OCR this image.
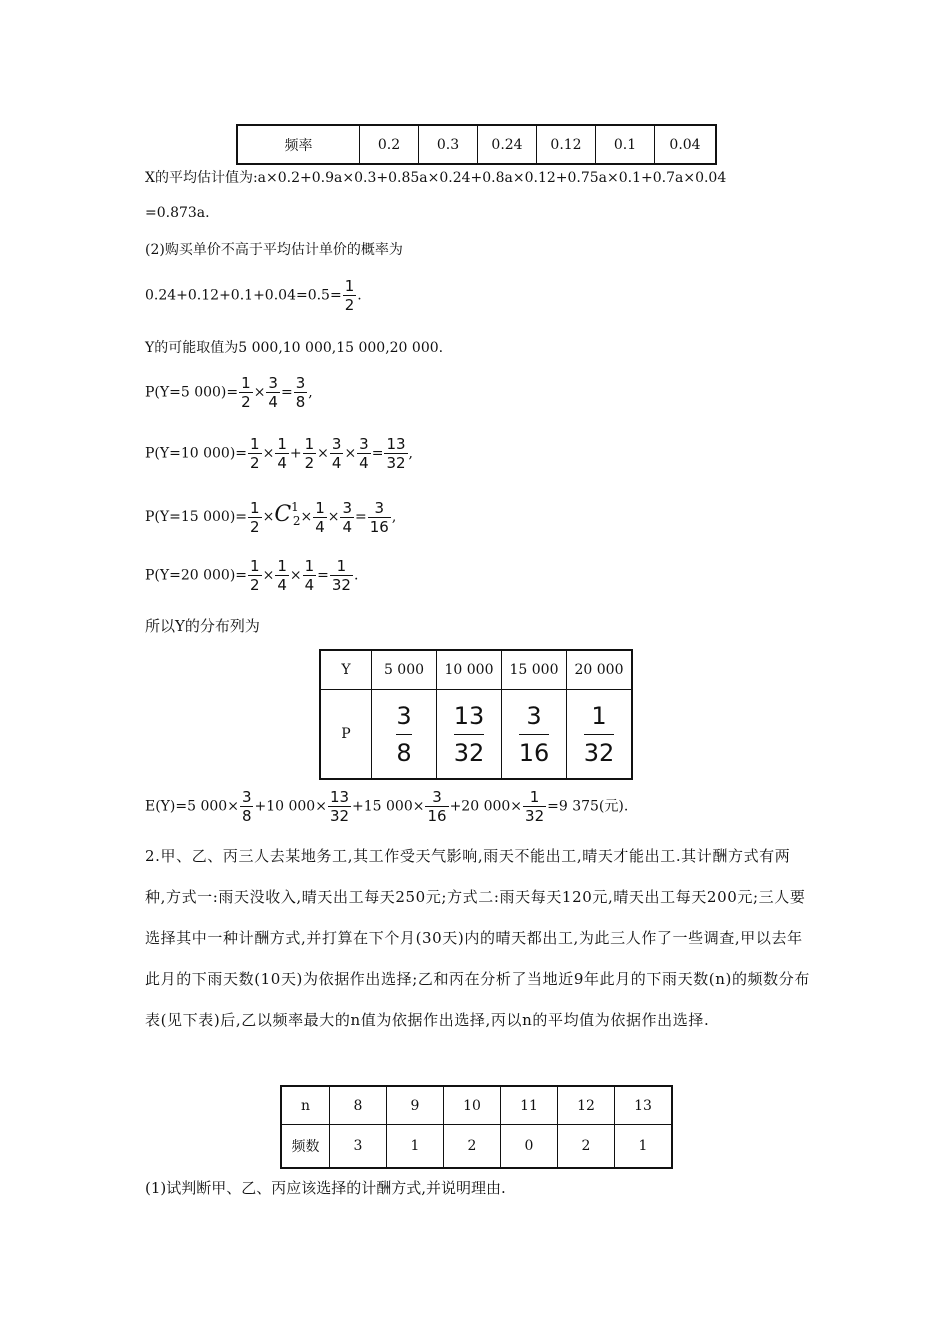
频率	0.2	0.3	0.24	0.12	0.1	0.04
X的平均估计值为:a×0.2+0.9a×0.3+0.85a×0.24+0.8a×0.12+0.75a×0.1+0.7a×0.04
=0.873a.
(2)购买单价不高于平均估计单价的概率为
$0.24+0.12+0.1+0.04=0.5= \frac{1}{2}$ .
Y的可能取值为5 000,10 000,15 000,20 000.
P(Y=5 $000)= \frac{1}{2} \times \frac{3}{4} = \frac{3}{8}$ ,
P(Y=10 $000)= \frac{1}{2} \times \frac{1}{4} + \frac{1}{2} \times \frac{3}{4} \times \frac{3}{4} = \frac{13}{32}$ ,
P(Y=15 $000)= \frac{1}{2} \times C^1_2\times \frac{1}{4} \times \frac{3}{4} = \frac{3}{16}$ ,
P(Y=20 $000)= \frac{1}{2} \times \frac{1}{4} \times \frac{1}{4} = \frac{1}{32}$ .
所以Y的分布列为
Y	5 000	10 000	15 000	20 000
P	$\frac{3}{8}$	$\frac{13}{32}$	$\frac{3}{16}$	$\frac{1}{32}$
E(Y)=5 $000\times \frac{3}{8} +10$ $000\times \frac{13}{32} +15$ $000\times \frac{3}{16} +20$ $000\times \frac{1}{32} =9$ 375(元).
2.甲、乙、丙三人去某地务工,其工作受天气影响,雨天不能出工,晴天才能出工.其计酬方式有两种,方式一:雨天没收入,晴天出工每天250元;方式二:雨天每天120元,晴天出工每天200元;三人要选择其中一种计酬方式,并打算在下个月(30天)内的晴天都出工,为此三人作了一些调查,甲以去年此月的下雨天数(10天)为依据作出选择;乙和丙在分析了当地近9年此月的下雨天数(n)的频数分布表(见下表)后,乙以频率最大的n值为依据作出选择,丙以n的平均值为依据作出选择.
n	8	9	10	11	12	13
频数	3	1	2	0	2	1
(1)试判断甲、乙、丙应该选择的计酬方式,并说明理由.
